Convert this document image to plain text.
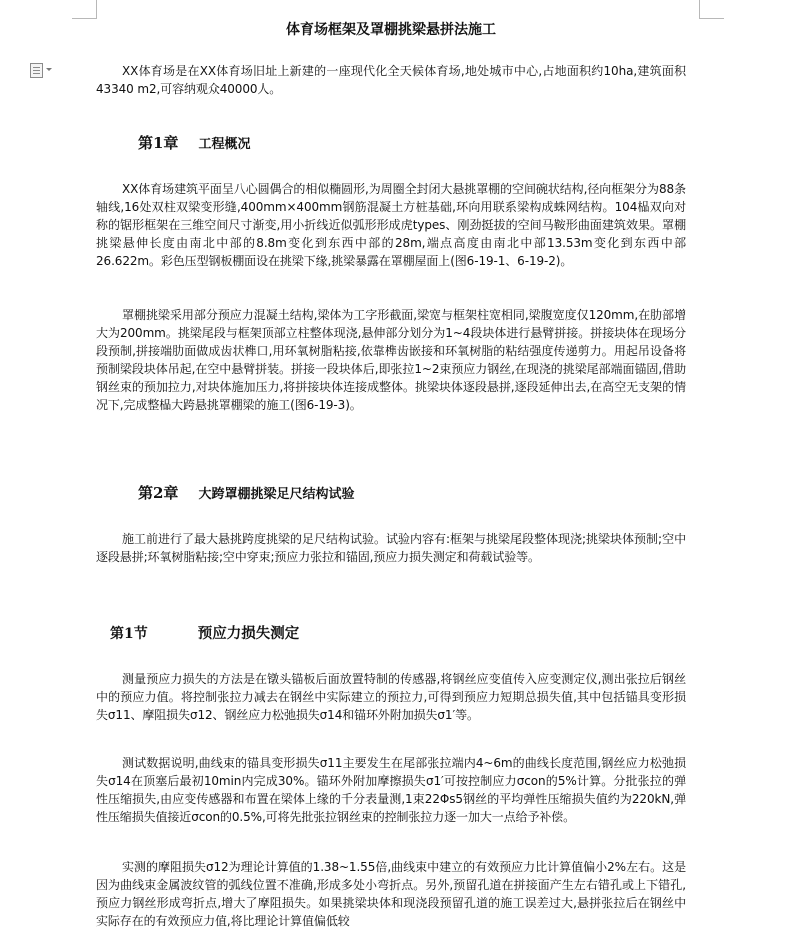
体育场框架及罩棚挑梁悬拼法施工

XX体育场是在XX体育场旧址上新建的一座现代化全天候体育场,地处城市中心,占地面积约10ha,建筑面积43340 m2,可容纳观众40000人。

第1章 工程概况

XX体育场建筑平面呈八心圆偶合的相似椭圆形,为周圈全封闭大悬挑罩棚的空间碗状结构,径向框架分为88条轴线,16处双柱双梁变形缝,400mm×400mm钢筋混凝土方桩基础,环向用联系梁构成蛛网结构。104榀双向对称的锯形框架在三维空间尺寸渐变,用小折线近似弧形形成虎types、刚劲挺拔的空间马鞍形曲面建筑效果。罩棚挑梁悬伸长度由南北中部的8.8m变化到东西中部的28m,端点高度由南北中部13.53m变化到东西中部26.622m。彩色压型钢板棚面设在挑梁下缘,挑梁暴露在罩棚屋面上(图6-19-1、6-19-2)。

罩棚挑梁采用部分预应力混凝土结构,梁体为工字形截面,梁宽与框架柱宽相同,梁腹宽度仅120mm,在肋部增大为200mm。挑梁尾段与框架顶部立柱整体现浇,悬伸部分划分为1~4段块体进行悬臂拼接。拼接块体在现场分段预制,拼接端肋面做成齿状榫口,用环氧树脂粘接,依靠榫齿嵌接和环氧树脂的粘结强度传递剪力。用起吊设备将预制梁段块体吊起,在空中悬臂拼装。拼接一段块体后,即张拉1~2束预应力钢丝,在现浇的挑梁尾部端面锚固,借助钢丝束的预加拉力,对块体施加压力,将拼接块体连接成整体。挑梁块体逐段悬拼,逐段延伸出去,在高空无支架的情况下,完成整榀大跨悬挑罩棚梁的施工(图6-19-3)。

第2章 大跨罩棚挑梁足尺结构试验

施工前进行了最大悬挑跨度挑梁的足尺结构试验。试验内容有:框架与挑梁尾段整体现浇;挑梁块体预制;空中逐段悬拼;环氧树脂粘接;空中穿束;预应力张拉和锚固,预应力损失测定和荷载试验等。

第1节	预应力损失测定

测量预应力损失的方法是在镦头锚板后面放置特制的传感器,将钢丝应变值传入应变测定仪,测出张拉后钢丝中的预应力值。将控制张拉力减去在钢丝中实际建立的预拉力,可得到预应力短期总损失值,其中包括锚具变形损失σ11、摩阻损失σ12、钢丝应力松弛损失σ14和锚环外附加损失σ1′等。

测试数据说明,曲线束的锚具变形损失σ11主要发生在尾部张拉端内4~6m的曲线长度范围,钢丝应力松弛损失σ14在顶塞后最初10min内完成30%。锚环外附加摩擦损失σ1′可按控制应力σcon的5%计算。分批张拉的弹性压缩损失,由应变传感器和布置在梁体上缘的千分表量测,1束22Φs5钢丝的平均弹性压缩损失值约为220kN,弹性压缩损失值接近σcon的0.5%,可将先批张拉钢丝束的控制张拉力逐一加大一点给予补偿。

实测的摩阻损失σ12为理论计算值的1.38~1.55倍,曲线束中建立的有效预应力比计算值偏小2%左右。这是因为曲线束金属波纹管的弧线位置不准确,形成多处小弯折点。另外,预留孔道在拼接面产生左右错孔或上下错孔,预应力钢丝形成弯折点,增大了摩阻损失。如果挑梁块体和现浇段预留孔道的施工误差过大,悬拼张拉后在钢丝中实际存在的有效预应力值,将比理论计算值偏低较
